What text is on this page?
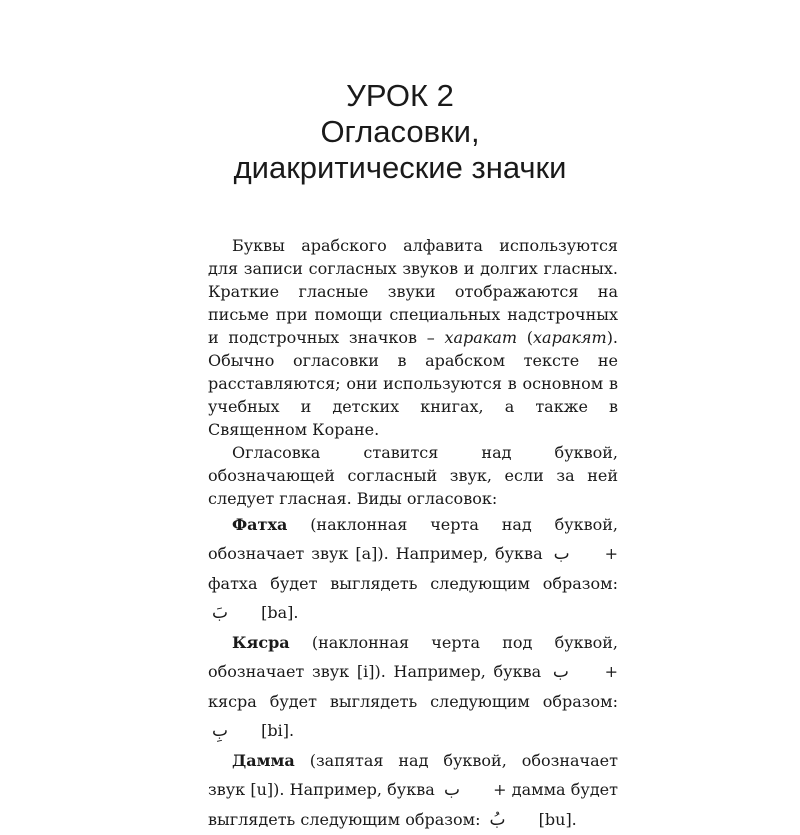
УРОК 2
Огласовки,
диакритические значки

Буквы арабского алфавита используются для записи согласных звуков и долгих гласных. Краткие гласные звуки отображаются на письме при помощи специальных надстрочных и подстрочных значков – харакат (харакят). Обычно огласовки в арабском тексте не расставляются; они используются в основном в учебных и детских книгах, а также в Священном Коране.

Огласовка ставится над буквой, обозначающей согласный звук, если за ней следует гласная. Виды огласовок:

Фатха (наклонная черта над буквой, обозначает звук [a]). Например, буква ب + фатха будет выглядеть следующим образом: بَ [ba].

Кясра (наклонная черта под буквой, обозначает звук [i]). Например, буква ب + кясра будет выглядеть следующим образом: بِ [bi].

Дамма (запятая над буквой, обозначает звук [u]). Например, буква ب + дамма будет выглядеть следующим образом: بُ [bu].
